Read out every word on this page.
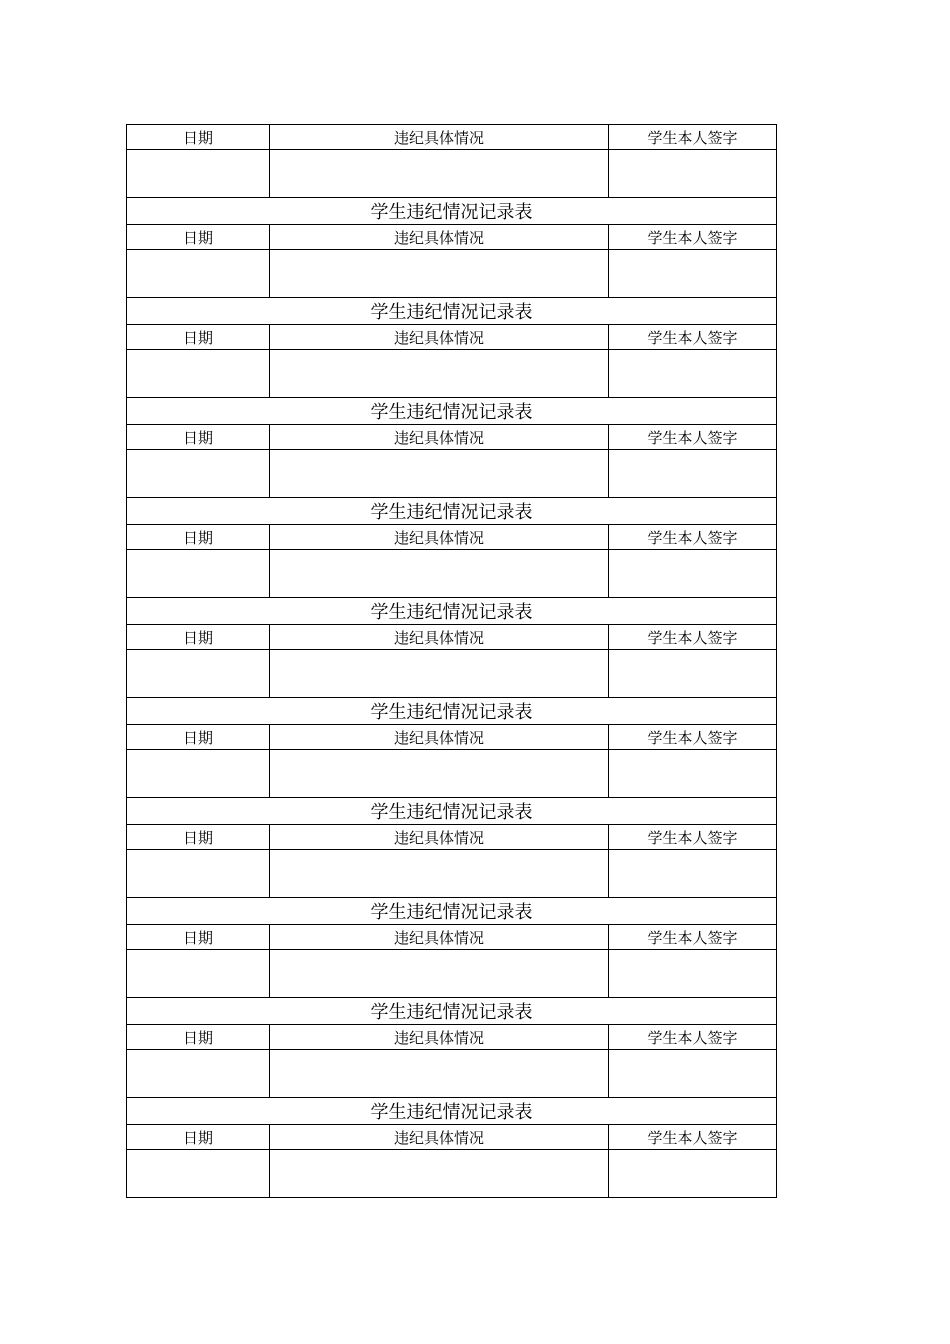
日期	违纪具体情况	学生本人签字

学生违纪情况记录表		
日期	违纪具体情况	学生本人签字

学生违纪情况记录表		
日期	违纪具体情况	学生本人签字

学生违纪情况记录表		
日期	违纪具体情况	学生本人签字

学生违纪情况记录表		
日期	违纪具体情况	学生本人签字

学生违纪情况记录表		
日期	违纪具体情况	学生本人签字

学生违纪情况记录表		
日期	违纪具体情况	学生本人签字

学生违纪情况记录表		
日期	违纪具体情况	学生本人签字

学生违纪情况记录表		
日期	违纪具体情况	学生本人签字

学生违纪情况记录表		
日期	违纪具体情况	学生本人签字

学生违纪情况记录表		
日期	违纪具体情况	学生本人签字
